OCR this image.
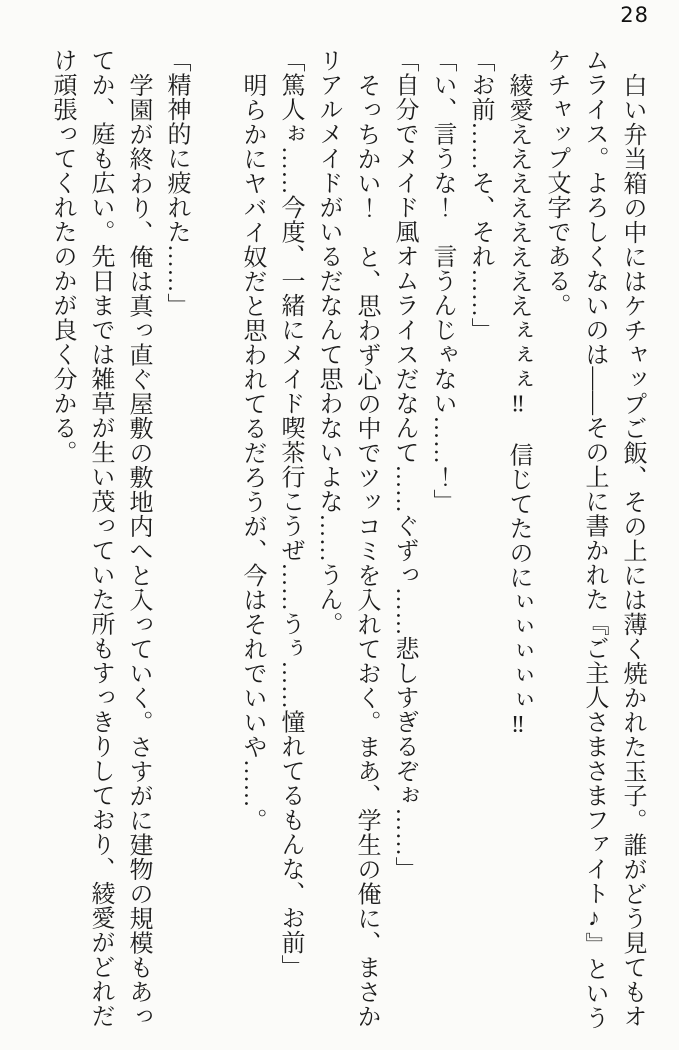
28

白い弁当箱の中にはケチャップご飯、その上には薄く焼かれた玉子。誰がどう見てもオ

ムライス。よろしくないのは――その上に書かれた『ご主人さまさまファイト♪』という

ケチャップ文字である。

綾愛ええええええええぇぇぇ‼　信じてたのにぃぃぃぃぃ‼

「お前……そ、それ……」

「い、言うな！　言うんじゃない……！」

「自分でメイド風オムライスだなんて……ぐずっ……悲しすぎるぞぉ……」

そっちかい！　と、思わず心の中でツッコミを入れておく。まあ、学生の俺に、まさか

リアルメイドがいるだなんて思わないよな……うん。

「篤人ぉ……今度、一緒にメイド喫茶行こうぜ……うぅ……憧れてるもんな、お前」

明らかにヤバイ奴だと思われてるだろうが、今はそれでいいや……。

「精神的に疲れた……」

学園が終わり、俺は真っ直ぐ屋敷の敷地内へと入っていく。さすがに建物の規模もあっ

てか、庭も広い。先日までは雑草が生い茂っていた所もすっきりしており、綾愛がどれだ

け頑張ってくれたのかが良く分かる。
